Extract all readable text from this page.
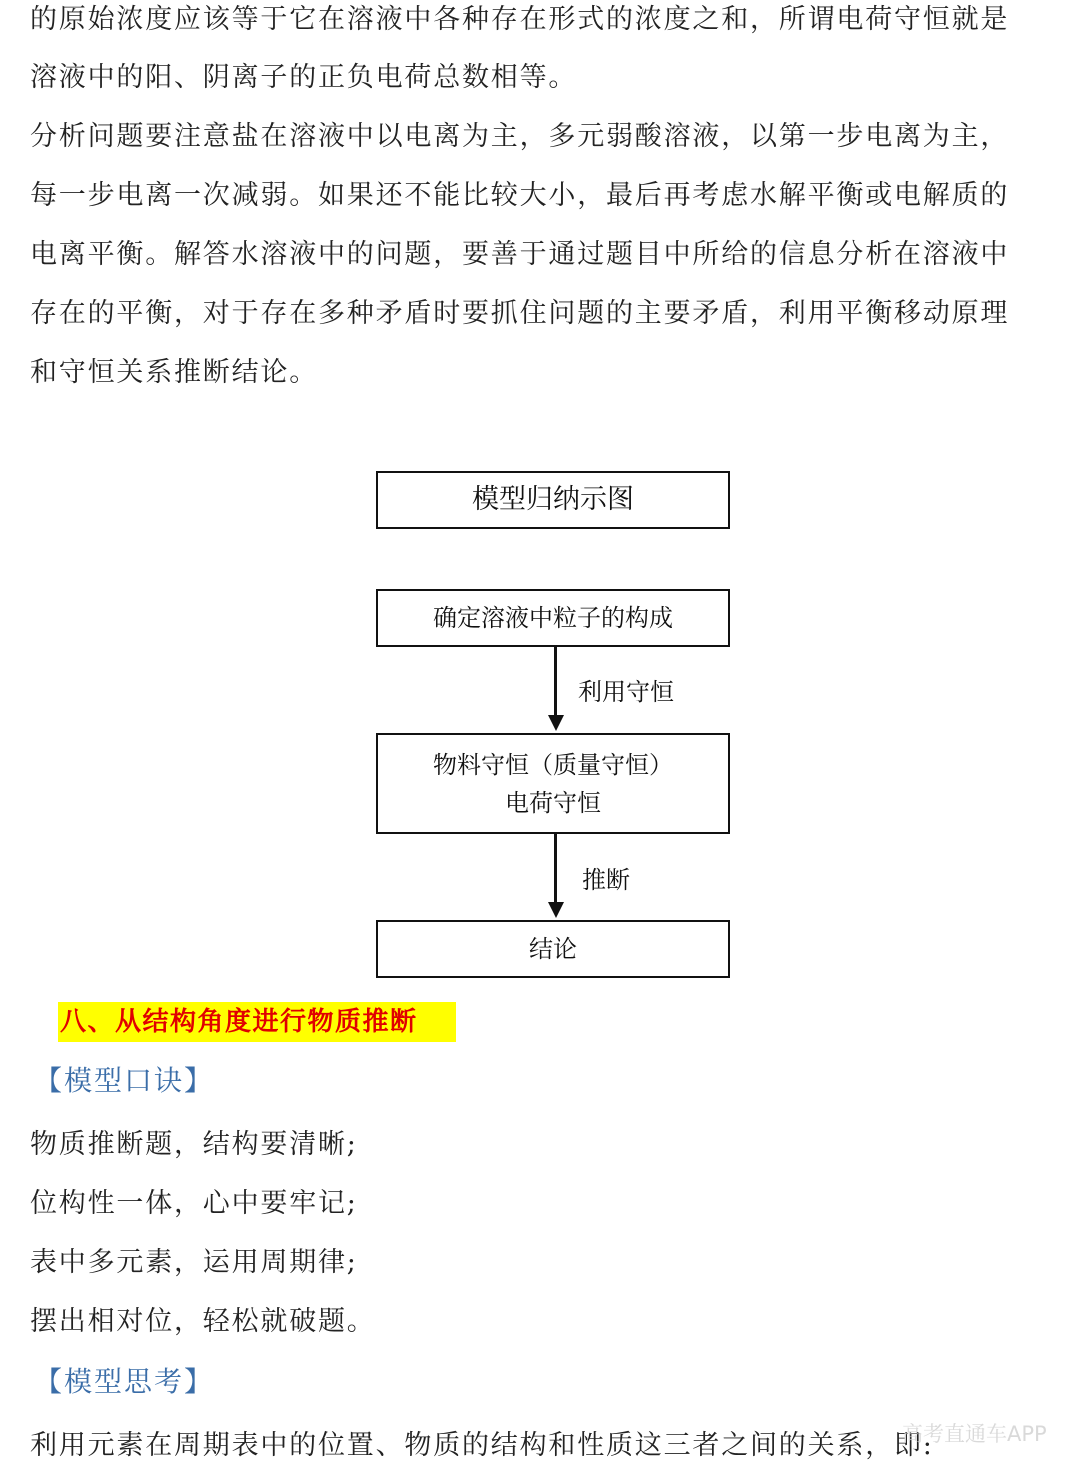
的原始浓度应该等于它在溶液中各种存在形式的浓度之和，所谓电荷守恒就是
溶液中的阳、阴离子的正负电荷总数相等。
分析问题要注意盐在溶液中以电离为主，多元弱酸溶液，以第一步电离为主，
每一步电离一次减弱。如果还不能比较大小，最后再考虑水解平衡或电解质的
电离平衡。解答水溶液中的问题，要善于通过题目中所给的信息分析在溶液中
存在的平衡，对于存在多种矛盾时要抓住问题的主要矛盾，利用平衡移动原理
和守恒关系推断结论。
模型归纳示图
确定溶液中粒子的构成
利用守恒
物料守恒（质量守恒）
电荷守恒
推断
结论
八、从结构角度进行物质推断
【模型口诀】
物质推断题，结构要清晰;
位构性一体，心中要牢记;
表中多元素，运用周期律;
摆出相对位，轻松就破题。
【模型思考】
利用元素在周期表中的位置、物质的结构和性质这三者之间的关系，即:
高考直通车APP
